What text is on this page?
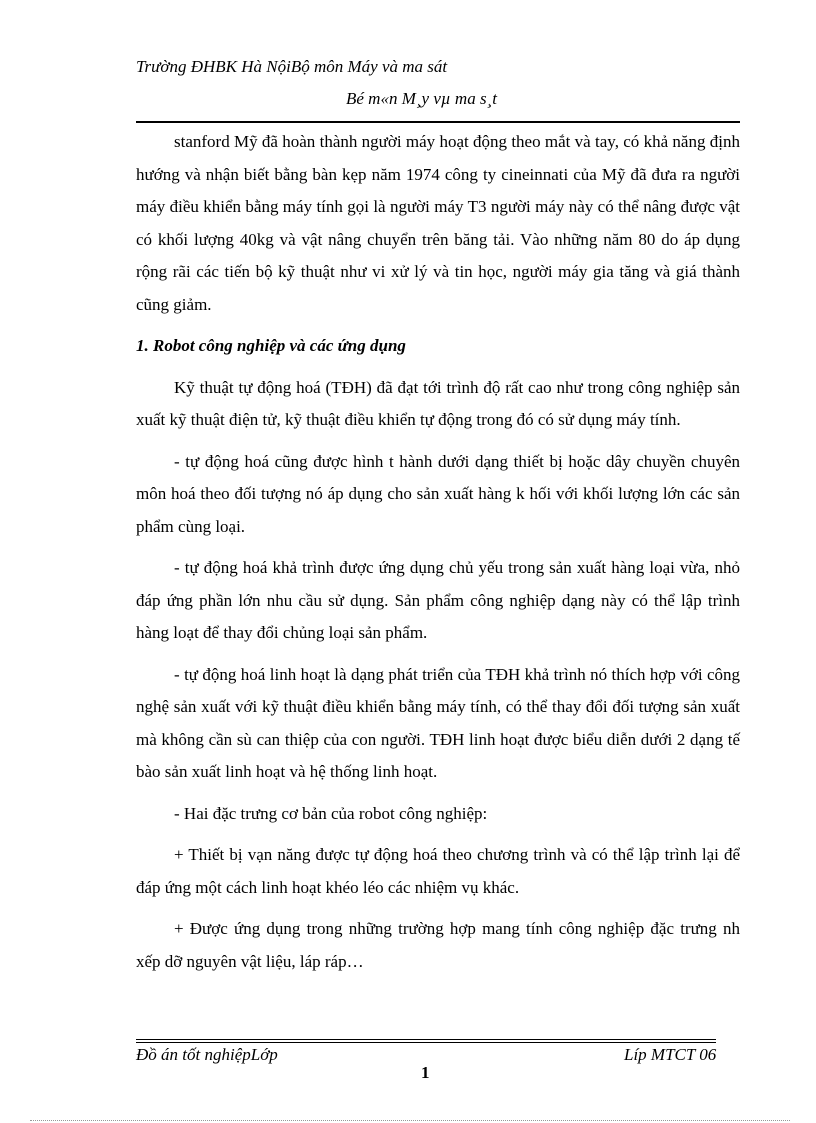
Trường ĐHBK Hà NộiBộ môn Máy và ma sát
Bé m«n M¸y vµ ma s¸t

stanford Mỹ đã hoàn thành người máy hoạt động theo mắt và tay, có khả năng định hướng và nhận biết bằng bàn kẹp năm 1974 công ty cineinnati của Mỹ đã đưa ra người máy điều khiển bằng máy tính gọi là người máy T3 người máy này có thể nâng được vật có khối lượng 40kg và vật nâng chuyển trên băng tải. Vào những năm 80 do áp dụng rộng rãi các tiến bộ kỹ thuật như vi xử lý và tin học, người máy gia tăng và giá thành cũng giảm.

1. Robot công nghiệp và các ứng dụng

Kỹ thuật tự động hoá (TĐH) đã đạt tới trình độ rất cao như trong công nghiệp sản xuất kỹ thuật điện tử, kỹ thuật điều khiển tự động trong đó có sử dụng máy tính.

- tự động hoá cũng được hình t hành dưới dạng thiết bị hoặc dây chuyền chuyên môn hoá theo đối tượng nó áp dụng cho sản xuất hàng k hối với khối lượng lớn các sản phẩm cùng loại.

- tự động hoá khả trình được ứng dụng chủ yếu trong sản xuất hàng loại vừa, nhỏ đáp ứng phần lớn nhu cầu sử dụng. Sản phẩm công nghiệp dạng này có thể lập trình hàng loạt để thay đổi chủng loại sản phẩm.

- tự động hoá linh hoạt là dạng phát triển của TĐH khả trình nó thích hợp với công nghệ sản xuất với kỹ thuật điều khiển bằng máy tính, có thể thay đổi đối tượng sản xuất mà không cần sù can thiệp của con người. TĐH linh hoạt được biểu diễn dưới 2 dạng tế bào sản xuất linh hoạt và hệ thống linh hoạt.

- Hai đặc trưng cơ bản của robot công nghiệp:

+ Thiết bị vạn năng được tự động hoá theo chương trình và có thể lập trình lại để đáp ứng một cách linh hoạt khéo léo các nhiệm vụ khác.

+ Được ứng dụng trong những trường hợp mang tính công nghiệp đặc trưng nh xếp dỡ nguyên vật liệu, láp ráp…

Đồ án tốt nghiệpLớp	Líp MTCT 06
1
